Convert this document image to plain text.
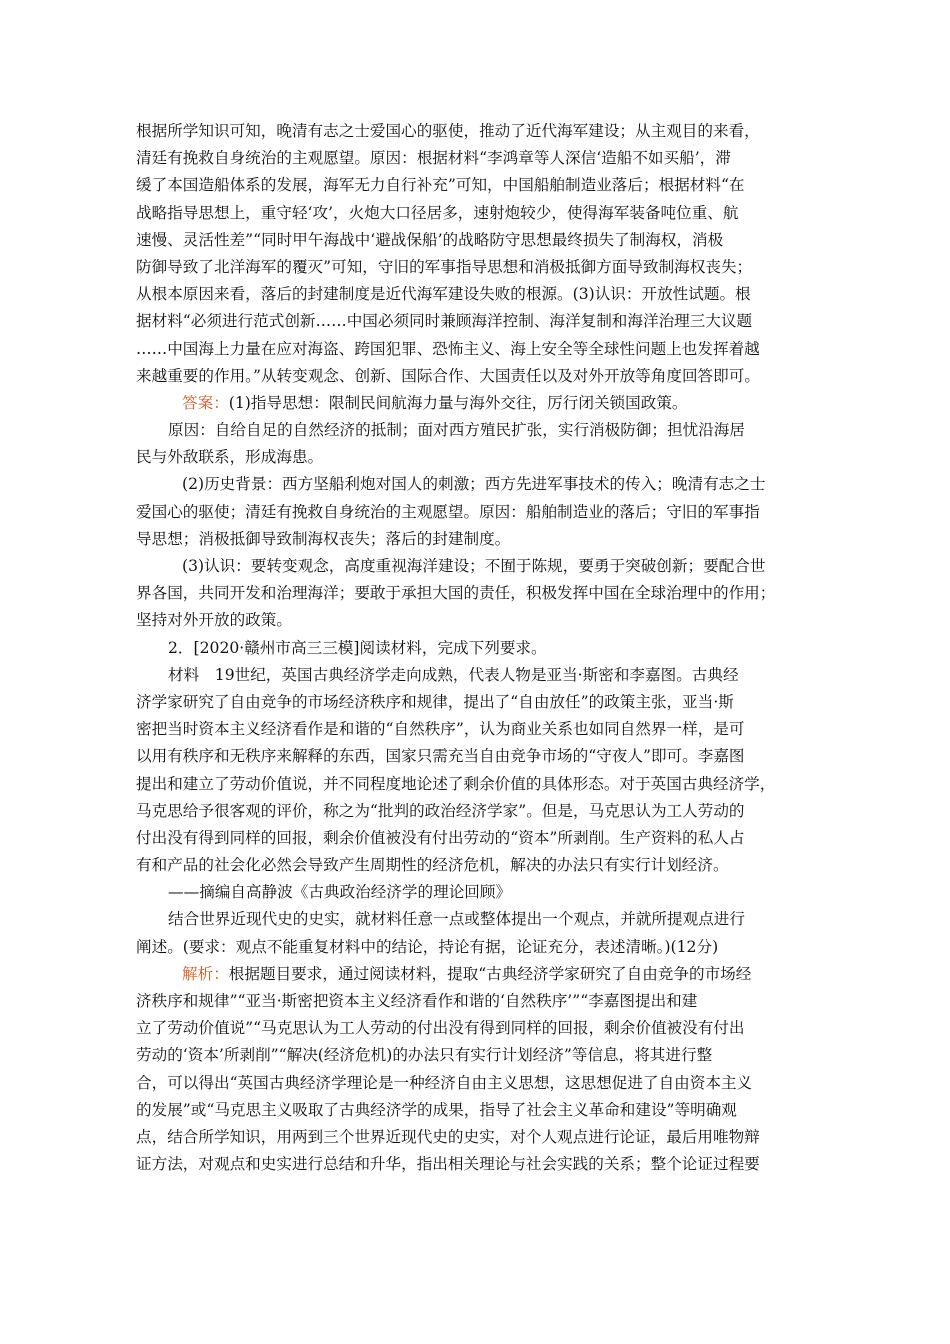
根据所学知识可知，晚清有志之士爱国心的驱使，推动了近代海军建设；从主观目的来看，
清廷有挽救自身统治的主观愿望。原因：根据材料“李鸿章等人深信‘造船不如买船’，滞
缓了本国造船体系的发展，海军无力自行补充”可知，中国船舶制造业落后；根据材料“在
战略指导思想上，重守轻‘攻’，火炮大口径居多，速射炮较少，使得海军装备吨位重、航
速慢、灵活性差”“同时甲午海战中‘避战保船’的战略防守思想最终损失了制海权，消极
防御导致了北洋海军的覆灭”可知，守旧的军事指导思想和消极抵御方面导致制海权丧失；
从根本原因来看，落后的封建制度是近代海军建设失败的根源。(3)认识：开放性试题。根
据材料“必须进行范式创新……中国必须同时兼顾海洋控制、海洋复制和海洋治理三大议题
……中国海上力量在应对海盗、跨国犯罪、恐怖主义、海上安全等全球性问题上也发挥着越
来越重要的作用。”从转变观念、创新、国际合作、大国责任以及对外开放等角度回答即可。
答案：(1)指导思想：限制民间航海力量与海外交往，厉行闭关锁国政策。
原因：自给自足的自然经济的抵制；面对西方殖民扩张，实行消极防御；担忧沿海居
民与外敌联系，形成海患。
(2)历史背景：西方坚船利炮对国人的刺激；西方先进军事技术的传入；晚清有志之士
爱国心的驱使；清廷有挽救自身统治的主观愿望。原因：船舶制造业的落后；守旧的军事指
导思想；消极抵御导致制海权丧失；落后的封建制度。
(3)认识：要转变观念，高度重视海洋建设；不囿于陈规，要勇于突破创新；要配合世
界各国，共同开发和治理海洋；要敢于承担大国的责任，积极发挥中国在全球治理中的作用；
坚持对外开放的政策。
2．[2020·赣州市高三三模]阅读材料，完成下列要求。
材料　19世纪，英国古典经济学走向成熟，代表人物是亚当·斯密和李嘉图。古典经
济学家研究了自由竞争的市场经济秩序和规律，提出了“自由放任”的政策主张，亚当·斯
密把当时资本主义经济看作是和谐的“自然秩序”，认为商业关系也如同自然界一样，是可
以用有秩序和无秩序来解释的东西，国家只需充当自由竞争市场的“守夜人”即可。李嘉图
提出和建立了劳动价值说，并不同程度地论述了剩余价值的具体形态。对于英国古典经济学，
马克思给予很客观的评价，称之为“批判的政治经济学家”。但是，马克思认为工人劳动的
付出没有得到同样的回报，剩余价值被没有付出劳动的“资本”所剥削。生产资料的私人占
有和产品的社会化必然会导致产生周期性的经济危机，解决的办法只有实行计划经济。
——摘编自高静波《古典政治经济学的理论回顾》
结合世界近现代史的史实，就材料任意一点或整体提出一个观点，并就所提观点进行
阐述。(要求：观点不能重复材料中的结论，持论有据，论证充分，表述清晰。)(12分)
解析：根据题目要求，通过阅读材料，提取“古典经济学家研究了自由竞争的市场经
济秩序和规律”“亚当·斯密把资本主义经济看作和谐的‘自然秩序’”“李嘉图提出和建
立了劳动价值说”“马克思认为工人劳动的付出没有得到同样的回报，剩余价值被没有付出
劳动的‘资本’所剥削”“解决(经济危机)的办法只有实行计划经济”等信息，将其进行整
合，可以得出“英国古典经济学理论是一种经济自由主义思想，这思想促进了自由资本主义
的发展”或“马克思主义吸取了古典经济学的成果，指导了社会主义革命和建设”等明确观
点，结合所学知识，用两到三个世界近现代史的史实，对个人观点进行论证，最后用唯物辩
证方法，对观点和史实进行总结和升华，指出相关理论与社会实践的关系；整个论证过程要
